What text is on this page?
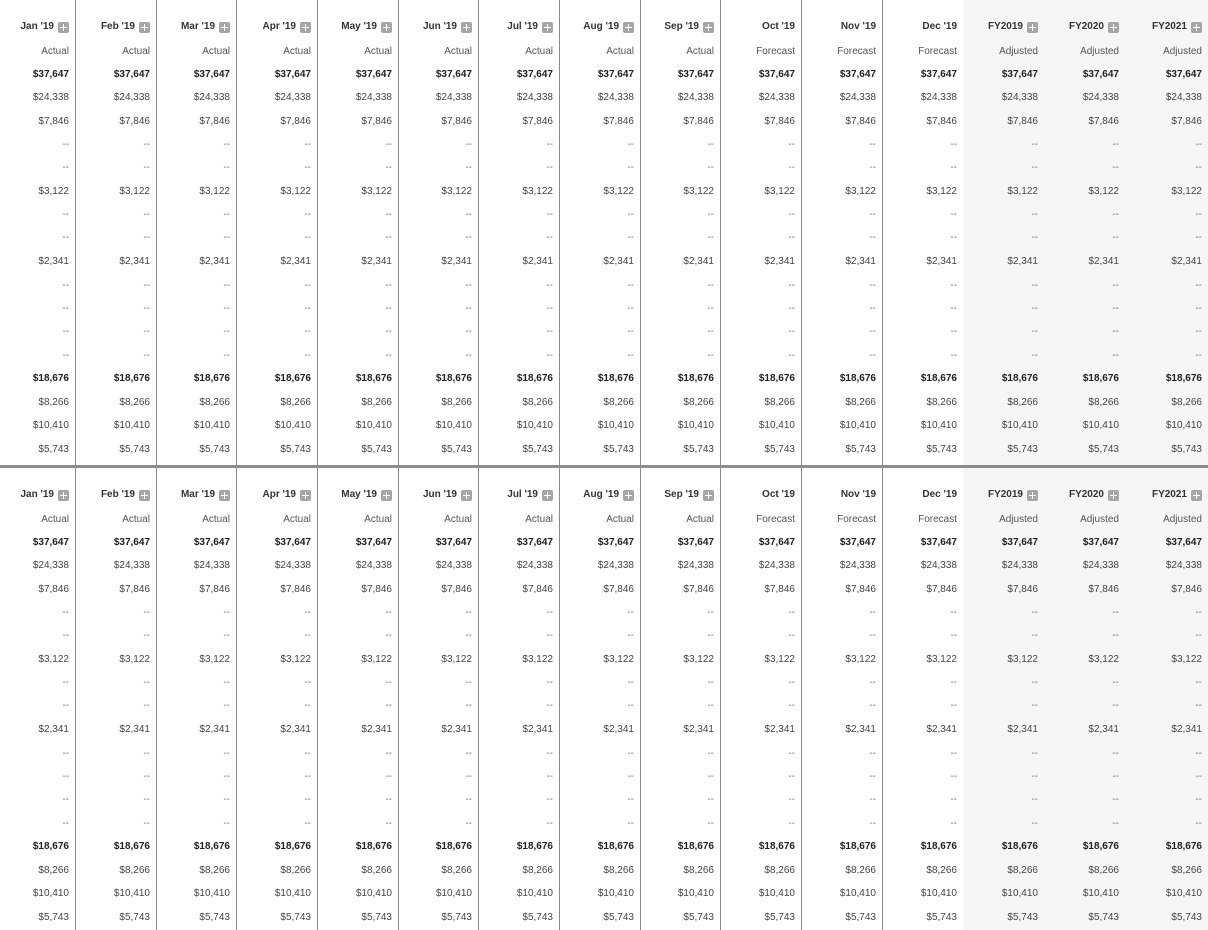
Jan '19
Actual
$37,647
$24,338
$7,846
--
--
$3,122
--
--
$2,341
--
--
--
--
$18,676
$8,266
$10,410
$5,743
Feb '19
Actual
$37,647
$24,338
$7,846
--
--
$3,122
--
--
$2,341
--
--
--
--
$18,676
$8,266
$10,410
$5,743
Mar '19
Actual
$37,647
$24,338
$7,846
--
--
$3,122
--
--
$2,341
--
--
--
--
$18,676
$8,266
$10,410
$5,743
Apr '19
Actual
$37,647
$24,338
$7,846
--
--
$3,122
--
--
$2,341
--
--
--
--
$18,676
$8,266
$10,410
$5,743
May '19
Actual
$37,647
$24,338
$7,846
--
--
$3,122
--
--
$2,341
--
--
--
--
$18,676
$8,266
$10,410
$5,743
Jun '19
Actual
$37,647
$24,338
$7,846
--
--
$3,122
--
--
$2,341
--
--
--
--
$18,676
$8,266
$10,410
$5,743
Jul '19
Actual
$37,647
$24,338
$7,846
--
--
$3,122
--
--
$2,341
--
--
--
--
$18,676
$8,266
$10,410
$5,743
Aug '19
Actual
$37,647
$24,338
$7,846
--
--
$3,122
--
--
$2,341
--
--
--
--
$18,676
$8,266
$10,410
$5,743
Sep '19
Actual
$37,647
$24,338
$7,846
--
--
$3,122
--
--
$2,341
--
--
--
--
$18,676
$8,266
$10,410
$5,743
Oct '19
Forecast
$37,647
$24,338
$7,846
--
--
$3,122
--
--
$2,341
--
--
--
--
$18,676
$8,266
$10,410
$5,743
Nov '19
Forecast
$37,647
$24,338
$7,846
--
--
$3,122
--
--
$2,341
--
--
--
--
$18,676
$8,266
$10,410
$5,743
Dec '19
Forecast
$37,647
$24,338
$7,846
--
--
$3,122
--
--
$2,341
--
--
--
--
$18,676
$8,266
$10,410
$5,743
FY2019
Adjusted
$37,647
$24,338
$7,846
--
--
$3,122
--
--
$2,341
--
--
--
--
$18,676
$8,266
$10,410
$5,743
FY2020
Adjusted
$37,647
$24,338
$7,846
--
--
$3,122
--
--
$2,341
--
--
--
--
$18,676
$8,266
$10,410
$5,743
FY2021
Adjusted
$37,647
$24,338
$7,846
--
--
$3,122
--
--
$2,341
--
--
--
--
$18,676
$8,266
$10,410
$5,743
Jan '19
Actual
$37,647
$24,338
$7,846
--
--
$3,122
--
--
$2,341
--
--
--
--
$18,676
$8,266
$10,410
$5,743
Feb '19
Actual
$37,647
$24,338
$7,846
--
--
$3,122
--
--
$2,341
--
--
--
--
$18,676
$8,266
$10,410
$5,743
Mar '19
Actual
$37,647
$24,338
$7,846
--
--
$3,122
--
--
$2,341
--
--
--
--
$18,676
$8,266
$10,410
$5,743
Apr '19
Actual
$37,647
$24,338
$7,846
--
--
$3,122
--
--
$2,341
--
--
--
--
$18,676
$8,266
$10,410
$5,743
May '19
Actual
$37,647
$24,338
$7,846
--
--
$3,122
--
--
$2,341
--
--
--
--
$18,676
$8,266
$10,410
$5,743
Jun '19
Actual
$37,647
$24,338
$7,846
--
--
$3,122
--
--
$2,341
--
--
--
--
$18,676
$8,266
$10,410
$5,743
Jul '19
Actual
$37,647
$24,338
$7,846
--
--
$3,122
--
--
$2,341
--
--
--
--
$18,676
$8,266
$10,410
$5,743
Aug '19
Actual
$37,647
$24,338
$7,846
--
--
$3,122
--
--
$2,341
--
--
--
--
$18,676
$8,266
$10,410
$5,743
Sep '19
Actual
$37,647
$24,338
$7,846
--
--
$3,122
--
--
$2,341
--
--
--
--
$18,676
$8,266
$10,410
$5,743
Oct '19
Forecast
$37,647
$24,338
$7,846
--
--
$3,122
--
--
$2,341
--
--
--
--
$18,676
$8,266
$10,410
$5,743
Nov '19
Forecast
$37,647
$24,338
$7,846
--
--
$3,122
--
--
$2,341
--
--
--
--
$18,676
$8,266
$10,410
$5,743
Dec '19
Forecast
$37,647
$24,338
$7,846
--
--
$3,122
--
--
$2,341
--
--
--
--
$18,676
$8,266
$10,410
$5,743
FY2019
Adjusted
$37,647
$24,338
$7,846
--
--
$3,122
--
--
$2,341
--
--
--
--
$18,676
$8,266
$10,410
$5,743
FY2020
Adjusted
$37,647
$24,338
$7,846
--
--
$3,122
--
--
$2,341
--
--
--
--
$18,676
$8,266
$10,410
$5,743
FY2021
Adjusted
$37,647
$24,338
$7,846
--
--
$3,122
--
--
$2,341
--
--
--
--
$18,676
$8,266
$10,410
$5,743
